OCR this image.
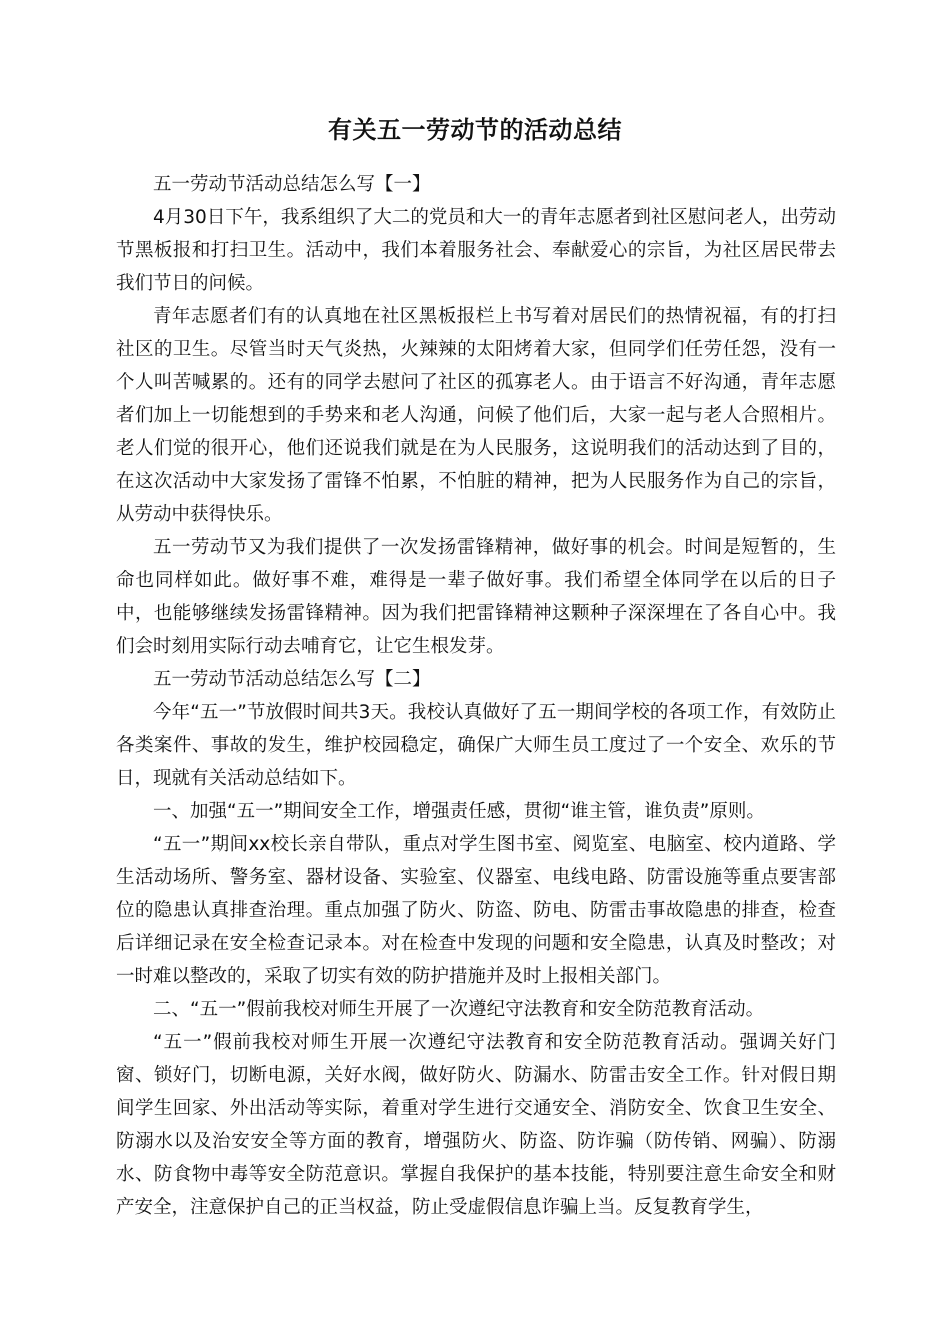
有关五一劳动节的活动总结

五一劳动节活动总结怎么写【一】

4月30日下午，我系组织了大二的党员和大一的青年志愿者到社区慰问老人，出劳动节黑板报和打扫卫生。活动中，我们本着服务社会、奉献爱心的宗旨，为社区居民带去我们节日的问候。

青年志愿者们有的认真地在社区黑板报栏上书写着对居民们的热情祝福，有的打扫社区的卫生。尽管当时天气炎热，火辣辣的太阳烤着大家，但同学们任劳任怨，没有一个人叫苦喊累的。还有的同学去慰问了社区的孤寡老人。由于语言不好沟通，青年志愿者们加上一切能想到的手势来和老人沟通，问候了他们后，大家一起与老人合照相片。老人们觉的很开心，他们还说我们就是在为人民服务，这说明我们的活动达到了目的，在这次活动中大家发扬了雷锋不怕累，不怕脏的精神，把为人民服务作为自己的宗旨，从劳动中获得快乐。

五一劳动节又为我们提供了一次发扬雷锋精神，做好事的机会。时间是短暂的，生命也同样如此。做好事不难，难得是一辈子做好事。我们希望全体同学在以后的日子中，也能够继续发扬雷锋精神。因为我们把雷锋精神这颗种子深深埋在了各自心中。我们会时刻用实际行动去哺育它，让它生根发芽。

五一劳动节活动总结怎么写【二】

今年“五一”节放假时间共3天。我校认真做好了五一期间学校的各项工作，有效防止各类案件、事故的发生，维护校园稳定，确保广大师生员工度过了一个安全、欢乐的节日，现就有关活动总结如下。

一、加强“五一”期间安全工作，增强责任感，贯彻“谁主管，谁负责”原则。

“五一”期间xx校长亲自带队，重点对学生图书室、阅览室、电脑室、校内道路、学生活动场所、警务室、器材设备、实验室、仪器室、电线电路、防雷设施等重点要害部位的隐患认真排查治理。重点加强了防火、防盗、防电、防雷击事故隐患的排查，检查后详细记录在安全检查记录本。对在检查中发现的问题和安全隐患，认真及时整改；对一时难以整改的，采取了切实有效的防护措施并及时上报相关部门。

二、“五一”假前我校对师生开展了一次遵纪守法教育和安全防范教育活动。

“五一”假前我校对师生开展一次遵纪守法教育和安全防范教育活动。强调关好门窗、锁好门，切断电源，关好水阀，做好防火、防漏水、防雷击安全工作。针对假日期间学生回家、外出活动等实际，着重对学生进行交通安全、消防安全、饮食卫生安全、防溺水以及治安安全等方面的教育，增强防火、防盗、防诈骗（防传销、网骗）、防溺水、防食物中毒等安全防范意识。掌握自我保护的基本技能，特别要注意生命安全和财产安全，注意保护自己的正当权益，防止受虚假信息诈骗上当。反复教育学生，
